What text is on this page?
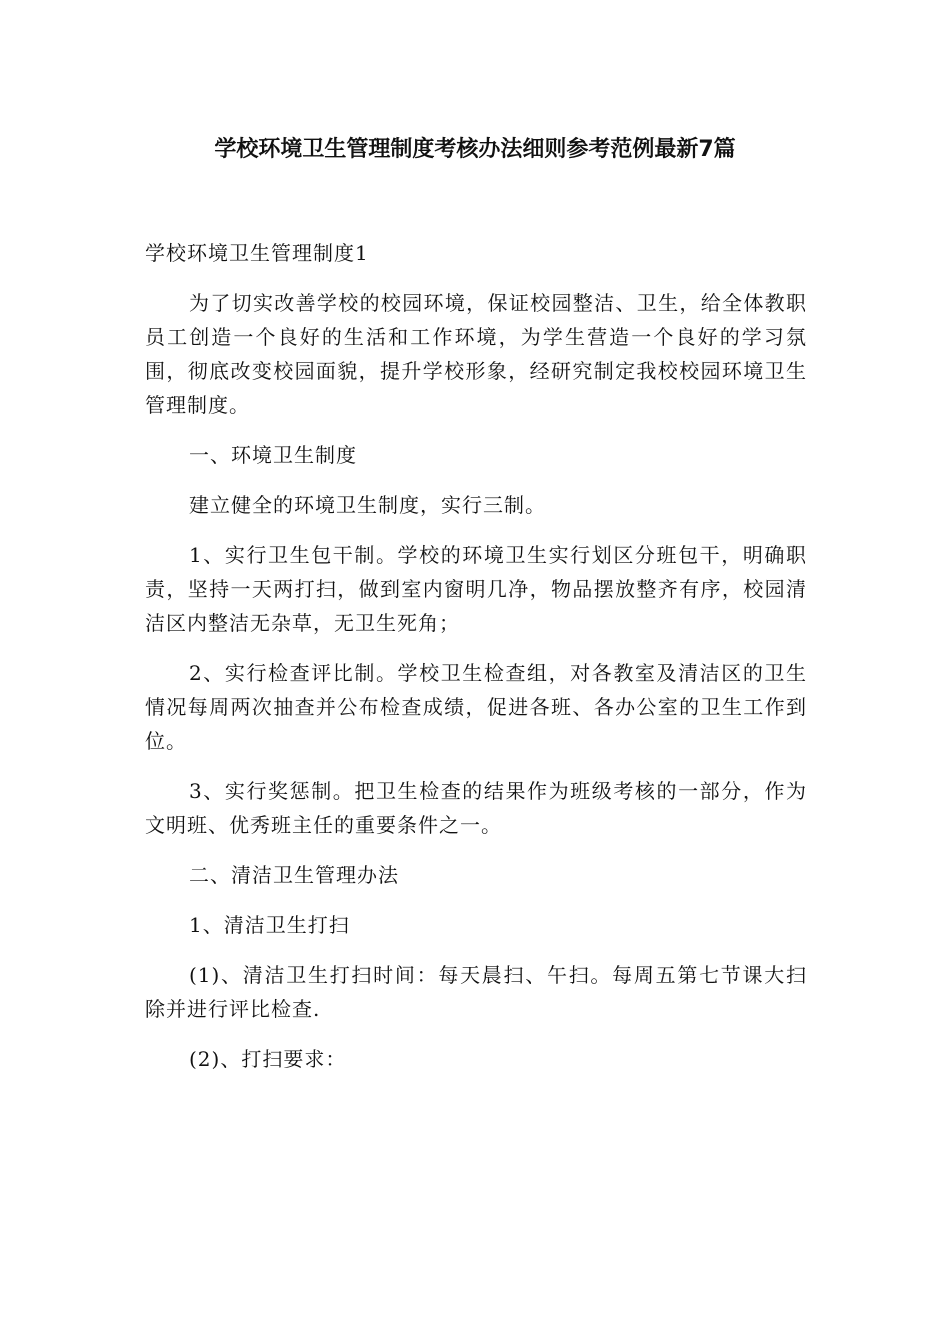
学校环境卫生管理制度考核办法细则参考范例最新7篇

学校环境卫生管理制度1

为了切实改善学校的校园环境，保证校园整洁、卫生，给全体教职员工创造一个良好的生活和工作环境，为学生营造一个良好的学习氛围，彻底改变校园面貌，提升学校形象，经研究制定我校校园环境卫生管理制度。

一、环境卫生制度

建立健全的环境卫生制度，实行三制。

1、实行卫生包干制。学校的环境卫生实行划区分班包干，明确职责，坚持一天两打扫，做到室内窗明几净，物品摆放整齐有序，校园清洁区内整洁无杂草，无卫生死角；

2、实行检查评比制。学校卫生检查组，对各教室及清洁区的卫生情况每周两次抽查并公布检查成绩，促进各班、各办公室的卫生工作到位。

3、实行奖惩制。把卫生检查的结果作为班级考核的一部分，作为文明班、优秀班主任的重要条件之一。

二、清洁卫生管理办法

1、清洁卫生打扫

(1)、清洁卫生打扫时间：每天晨扫、午扫。每周五第七节课大扫除并进行评比检查.

(2)、打扫要求：
